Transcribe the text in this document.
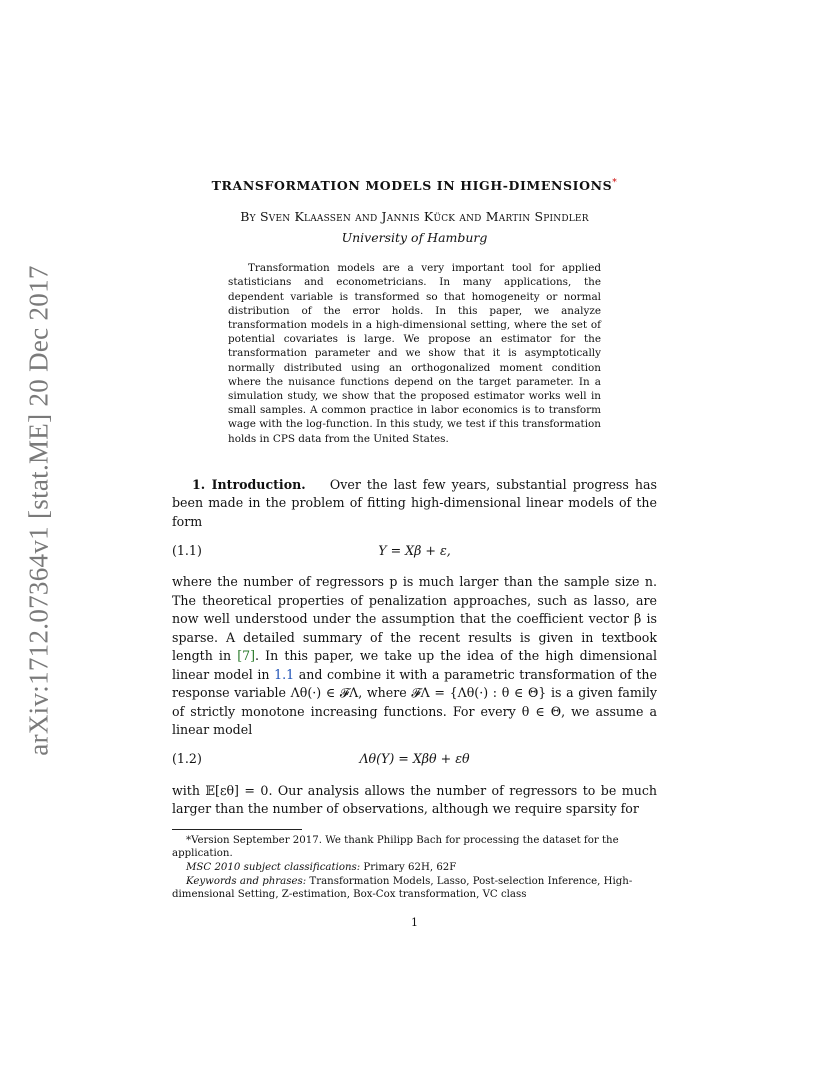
arXiv:1712.07364v1 [stat.ME] 20 Dec 2017
TRANSFORMATION MODELS IN HIGH-DIMENSIONS*
By Sven Klaassen and Jannis Kück and Martin Spindler
University of Hamburg
Transformation models are a very important tool for applied statisticians and econometricians. In many applications, the dependent variable is transformed so that homogeneity or normal distribution of the error holds. In this paper, we analyze transformation models in a high-dimensional setting, where the set of potential covariates is large. We propose an estimator for the transformation parameter and we show that it is asymptotically normally distributed using an orthogonalized moment condition where the nuisance functions depend on the target parameter. In a simulation study, we show that the proposed estimator works well in small samples. A common practice in labor economics is to transform wage with the log-function. In this study, we test if this transformation holds in CPS data from the United States.
1. Introduction. Over the last few years, substantial progress has been made in the problem of fitting high-dimensional linear models of the form
(1.1)	Y = Xβ + ε,
where the number of regressors p is much larger than the sample size n. The theoretical properties of penalization approaches, such as lasso, are now well understood under the assumption that the coefficient vector β is sparse. A detailed summary of the recent results is given in textbook length in [7]. In this paper, we take up the idea of the high dimensional linear model in 1.1 and combine it with a parametric transformation of the response variable Λθ(·) ∈ 𝓕Λ, where 𝓕Λ = {Λθ(·) : θ ∈ Θ} is a given family of strictly monotone increasing functions. For every θ ∈ Θ, we assume a linear model
(1.2)	Λθ(Y) = Xβθ + εθ
with 𝔼[εθ] = 0. Our analysis allows the number of regressors to be much larger than the number of observations, although we require sparsity for
*Version September 2017. We thank Philipp Bach for processing the dataset for the application.
MSC 2010 subject classifications: Primary 62H, 62F
Keywords and phrases: Transformation Models, Lasso, Post-selection Inference, High-dimensional Setting, Z-estimation, Box-Cox transformation, VC class
1
